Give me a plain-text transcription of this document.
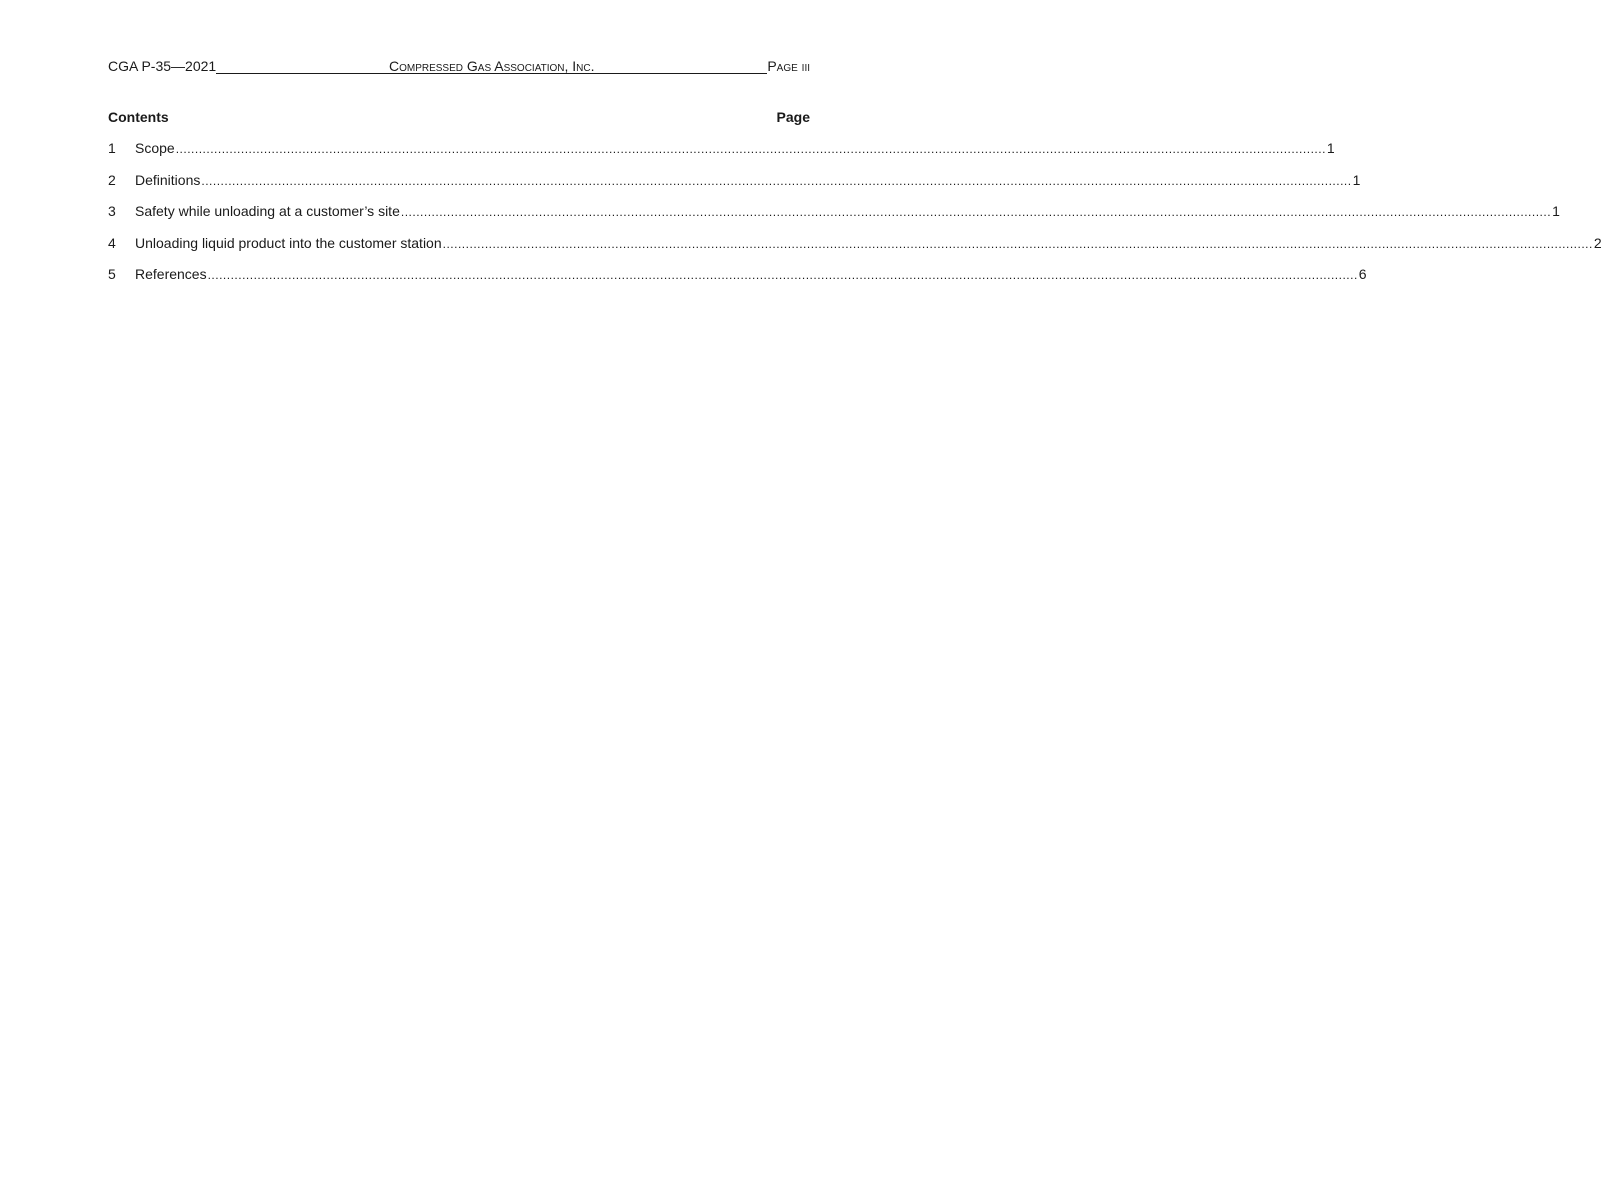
CGA P-35—2021	Compressed Gas Association, Inc.	Page iii
Contents	Page
1	Scope ............................................................................................................................................................................................................................................................................................................ 1
2	Definitions ............................................................................................................................................................................................................................................................................................................ 1
3	Safety while unloading at a customer’s site ............................................................................................................................................................................................................................................................................................................ 1
4	Unloading liquid product into the customer station ............................................................................................................................................................................................................................................................................................................ 2
5	References ............................................................................................................................................................................................................................................................................................................ 6
